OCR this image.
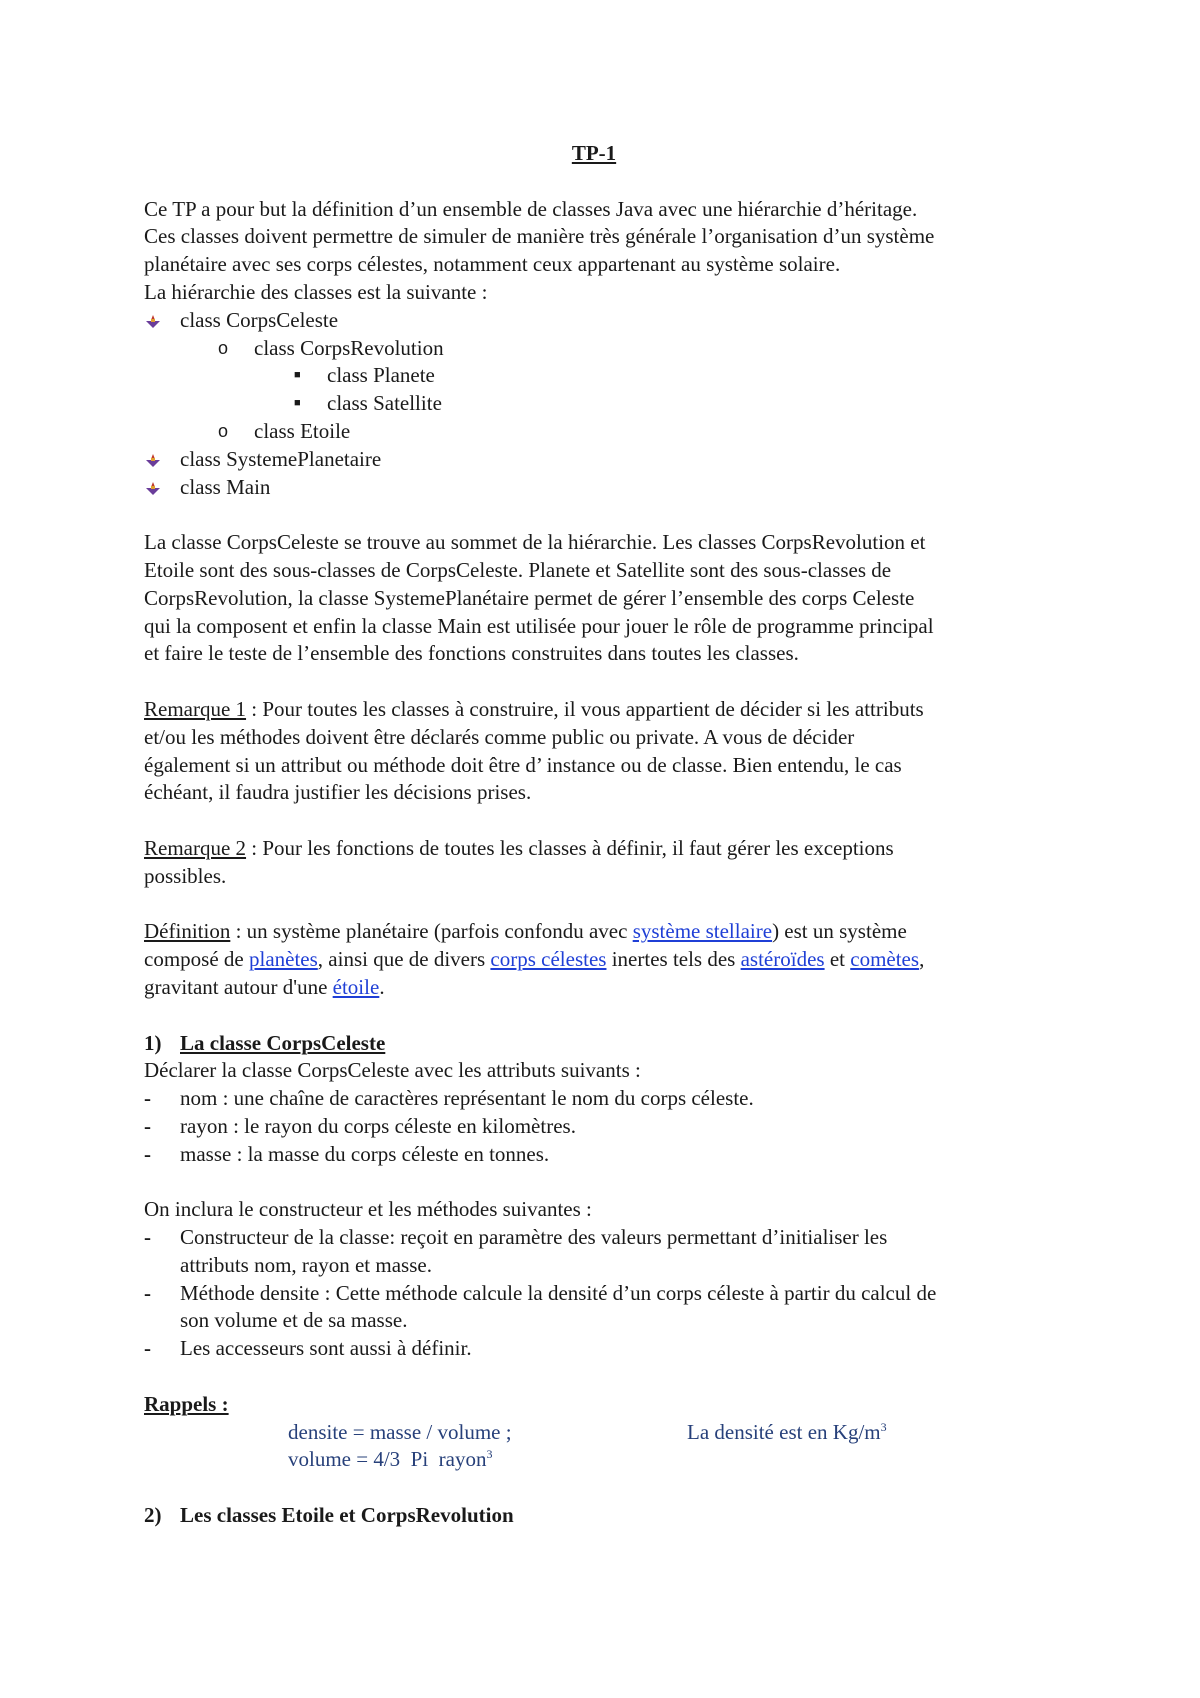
TP-1
Ce TP a pour but la définition d’un ensemble de classes Java avec une hiérarchie d’héritage.
Ces classes doivent permettre de simuler de manière très générale l’organisation d’un système
planétaire avec ses corps célestes, notamment ceux appartenant au système solaire.
La hiérarchie des classes est la suivante :
class CorpsCeleste
o class CorpsRevolution
■ class Planete
■ class Satellite
o class Etoile
class SystemePlanetaire
class Main
La classe CorpsCeleste se trouve au sommet de la hiérarchie. Les classes CorpsRevolution et
Etoile sont des sous-classes de CorpsCeleste. Planete et Satellite sont des sous-classes de
CorpsRevolution, la classe SystemePlanétaire permet de gérer l’ensemble des corps Celeste
qui la composent et enfin la classe Main est utilisée pour jouer le rôle de programme principal
et faire le teste de l’ensemble des fonctions construites dans toutes les classes.
Remarque 1 : Pour toutes les classes à construire, il vous appartient de décider si les attributs
et/ou les méthodes doivent être déclarés comme public ou private. A vous de décider
également si un attribut ou méthode doit être d’ instance ou de classe. Bien entendu, le cas
échéant, il faudra justifier les décisions prises.
Remarque 2 : Pour les fonctions de toutes les classes à définir, il faut gérer les exceptions
possibles.
Définition : un système planétaire (parfois confondu avec système stellaire) est un système
composé de planètes, ainsi que de divers corps célestes inertes tels des astéroïdes et comètes,
gravitant autour d'une étoile.
1) La classe CorpsCeleste
Déclarer la classe CorpsCeleste avec les attributs suivants :
- nom : une chaîne de caractères représentant le nom du corps céleste.
- rayon : le rayon du corps céleste en kilomètres.
- masse : la masse du corps céleste en tonnes.
On inclura le constructeur et les méthodes suivantes :
- Constructeur de la classe: reçoit en paramètre des valeurs permettant d’initialiser les
attributs nom, rayon et masse.
- Méthode densite : Cette méthode calcule la densité d’un corps céleste à partir du calcul de
son volume et de sa masse.
- Les accesseurs sont aussi à définir.
Rappels :
densite = masse / volume ;	La densité est en $Kg/m^3$
volume = 4/3  Pi  rayon$^3$
2) Les classes Etoile et CorpsRevolution
